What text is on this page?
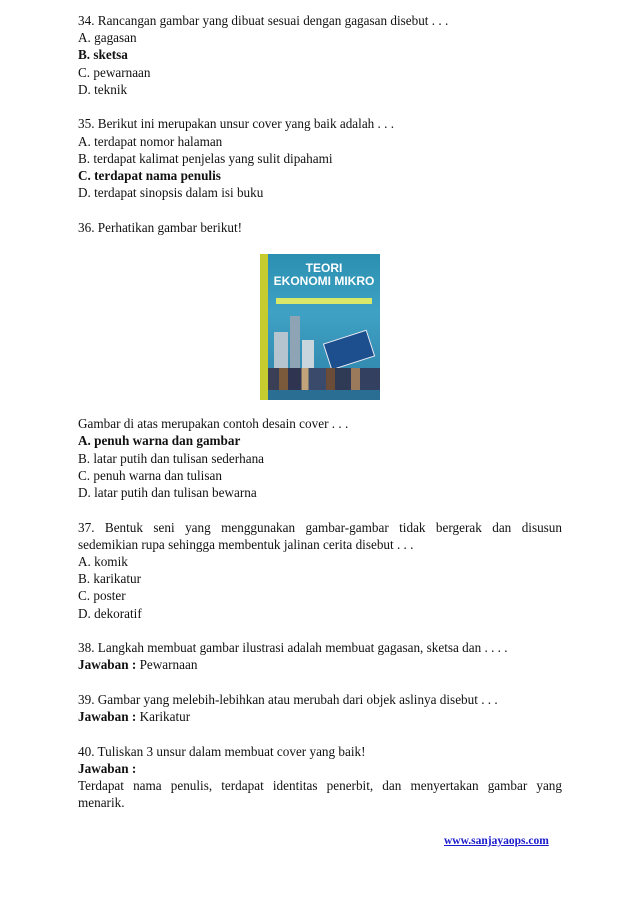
34. Rancangan gambar yang dibuat sesuai dengan gagasan disebut . . .
A. gagasan
B. sketsa
C. pewarnaan
D. teknik
35. Berikut ini merupakan unsur cover yang baik adalah . . .
A. terdapat nomor halaman
B. terdapat kalimat penjelas yang sulit dipahami
C. terdapat nama penulis
D. terdapat sinopsis dalam isi buku
36. Perhatikan gambar berikut!
TEORI
EKONOMI MIKRO
Gambar di atas merupakan contoh desain cover . . .
A. penuh warna dan gambar
B. latar putih dan tulisan sederhana
C. penuh warna dan tulisan
D. latar putih dan tulisan bewarna
37. Bentuk seni yang menggunakan gambar-gambar tidak bergerak dan disusun
sedemikian rupa sehingga membentuk jalinan cerita disebut . . .
A. komik
B. karikatur
C. poster
D. dekoratif
38. Langkah membuat gambar ilustrasi adalah membuat gagasan, sketsa dan . . . .
Jawaban : Pewarnaan
39. Gambar yang melebih-lebihkan atau merubah dari objek aslinya disebut . . .
Jawaban : Karikatur
40. Tuliskan 3 unsur dalam membuat cover yang baik!
Jawaban :
Terdapat nama penulis, terdapat identitas penerbit, dan menyertakan gambar yang
menarik.
www.sanjayaops.com
